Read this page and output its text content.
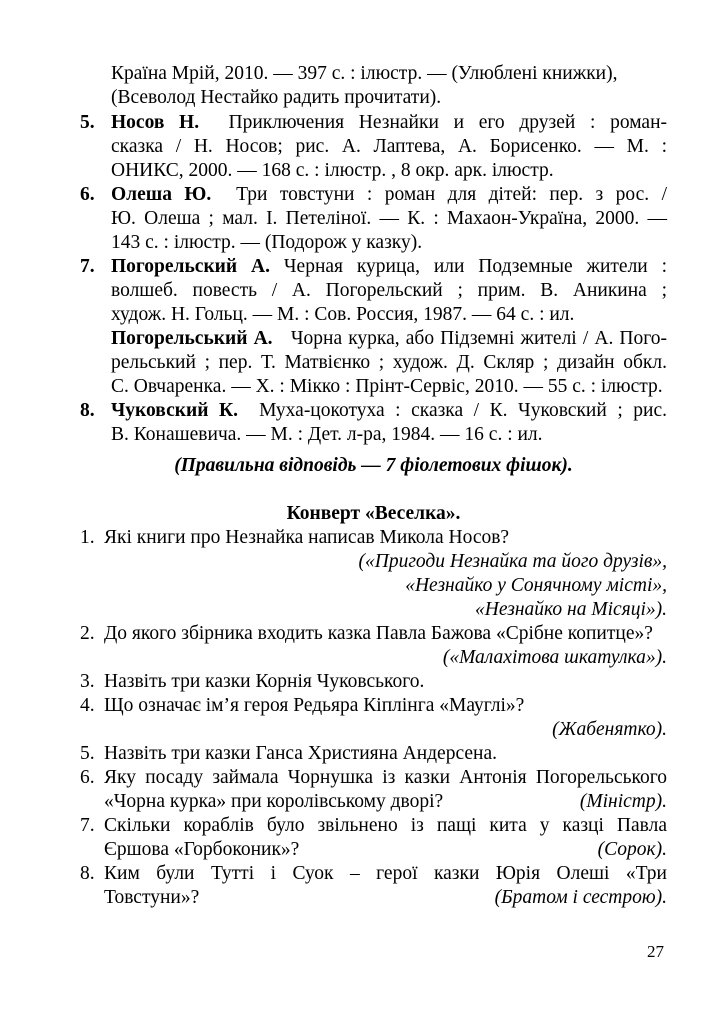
Країна Мрій, 2010. — 397 с. : ілюстр. — (Улюблені книжки),
(Всеволод Нестайко радить прочитати).
5. Носов Н. Приключения Незнайки и его друзей : роман-
сказка / Н. Носов; рис. А. Лаптева, А. Борисенко. — М. :
ОНИКС, 2000. — 168 с. : ілюстр. , 8 окр. арк. ілюстр.
6. Олеша Ю. Три товстуни : роман для дітей: пер. з рос. /
Ю. Олеша ; мал. І. Петеліної. — К. : Махаон-Україна, 2000. —
143 с. : ілюстр. — (Подорож у казку).
7. Погорельский А. Черная курица, или Подземные жители :
волшеб. повесть / А. Погорельский ; прим. В. Аникина ;
худож. Н. Гольц. — М. : Сов. Россия, 1987. — 64 с. : ил.
Погорельський А. Чорна курка, або Підземні жителі / А. Пого-
рельський ; пер. Т. Матвієнко ; худож. Д. Скляр ; дизайн обкл.
С. Овчаренка. — Х. : Мікко : Прінт-Сервіс, 2010. — 55 с. : ілюстр.
8. Чуковский К. Муха-цокотуха : сказка / К. Чуковский ; рис.
В. Конашевича. — М. : Дет. л-ра, 1984. — 16 с. : ил.
(Правильна відповідь — 7 фіолетових фішок).
Конверт «Веселка».
1. Які книги про Незнайка написав Микола Носов?
(«Пригоди Незнайка та його друзів»,
«Незнайко у Сонячному місті»,
«Незнайко на Місяці»).
2. До якого збірника входить казка Павла Бажова «Срібне копитце»?
(«Малахітова шкатулка»).
3. Назвіть три казки Корнія Чуковського.
4. Що означає ім’я героя Редьяра Кіплінга «Мауглі»?
(Жабенятко).
5. Назвіть три казки Ганса Християна Андерсена.
6. Яку посаду займала Чорнушка із казки Антонія Погорельського
«Чорна курка» при королівському дворі?	(Міністр).
7. Скільки кораблів було звільнено із пащі кита у казці Павла
Єршова «Горбоконик»?	(Сорок).
8. Ким були Тутті і Суок – герої казки Юрія Олеші «Три
Товстуни»?	(Братом і сестрою).
27
